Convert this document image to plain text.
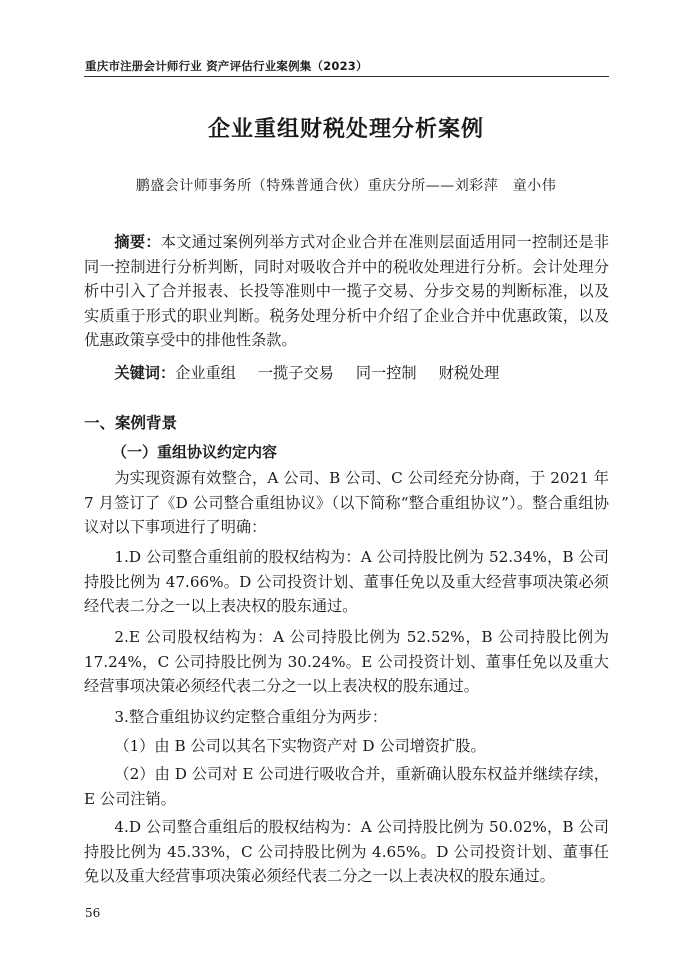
重庆市注册会计师行业 资产评估行业案例集（2023）
企业重组财税处理分析案例
鹏盛会计师事务所（特殊普通合伙）重庆分所——刘彩萍　童小伟
摘要：本文通过案例列举方式对企业合并在准则层面适用同一控制还是非同一控制进行分析判断，同时对吸收合并中的税收处理进行分析。会计处理分析中引入了合并报表、长投等准则中一揽子交易、分步交易的判断标准，以及实质重于形式的职业判断。税务处理分析中介绍了企业合并中优惠政策，以及优惠政策享受中的排他性条款。
关键词：企业重组 一揽子交易 同一控制 财税处理
一、案例背景
（一）重组协议约定内容
为实现资源有效整合，A 公司、B 公司、C 公司经充分协商，于 2021 年 7 月签订了《D 公司整合重组协议》（以下简称“整合重组协议”）。整合重组协议对以下事项进行了明确：
1.D 公司整合重组前的股权结构为：A 公司持股比例为 52.34%，B 公司持股比例为 47.66%。D 公司投资计划、董事任免以及重大经营事项决策必须经代表二分之一以上表决权的股东通过。
2.E 公司股权结构为：A 公司持股比例为 52.52%，B 公司持股比例为 17.24%，C 公司持股比例为 30.24%。E 公司投资计划、董事任免以及重大经营事项决策必须经代表二分之一以上表决权的股东通过。
3.整合重组协议约定整合重组分为两步：
（1）由 B 公司以其名下实物资产对 D 公司增资扩股。
（2）由 D 公司对 E 公司进行吸收合并，重新确认股东权益并继续存续，E 公司注销。
4.D 公司整合重组后的股权结构为：A 公司持股比例为 50.02%，B 公司持股比例为 45.33%，C 公司持股比例为 4.65%。D 公司投资计划、董事任免以及重大经营事项决策必须经代表二分之一以上表决权的股东通过。
56
